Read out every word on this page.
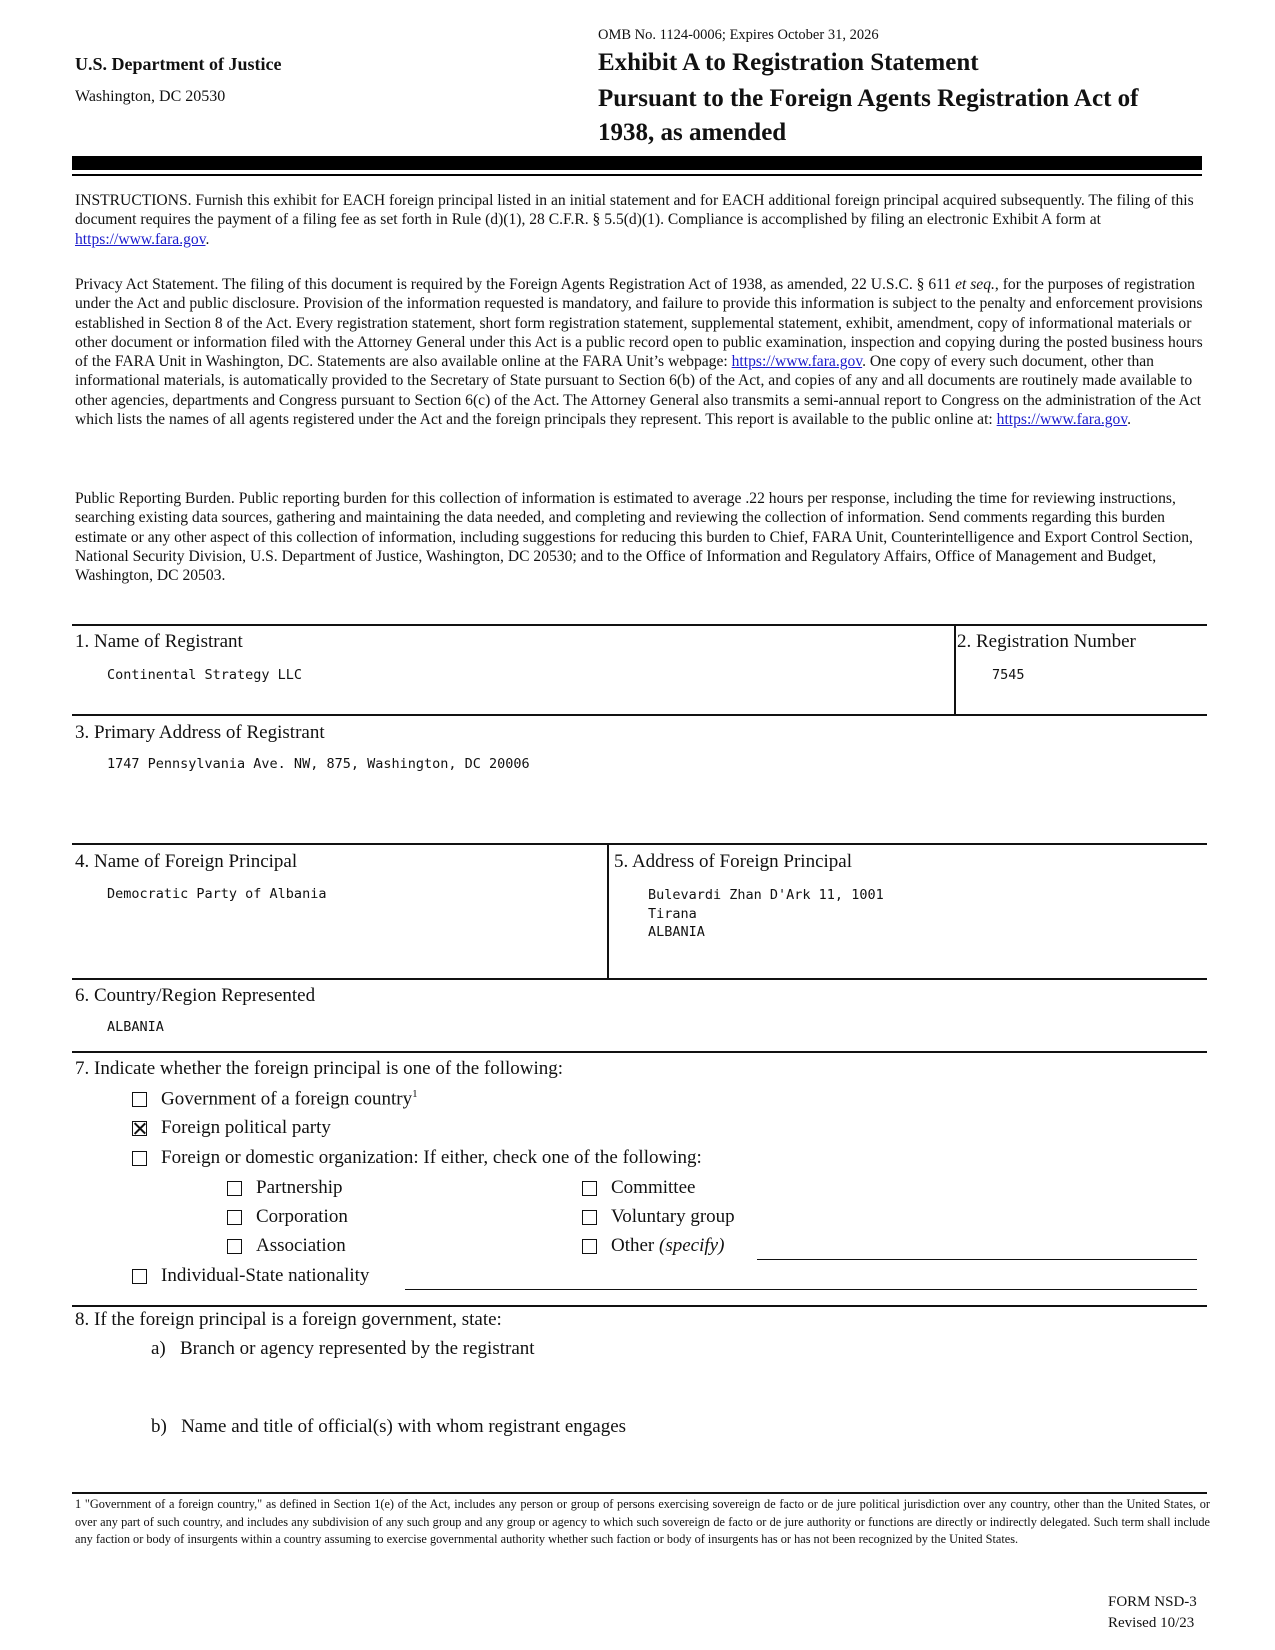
U.S. Department of Justice
Washington, DC 20530
OMB No. 1124-0006; Expires October 31, 2026
Exhibit A to Registration Statement
Pursuant to the Foreign Agents Registration Act of
1938, as amended
INSTRUCTIONS. Furnish this exhibit for EACH foreign principal listed in an initial statement and for EACH additional foreign principal acquired subsequently. The filing of this document requires the payment of a filing fee as set forth in Rule (d)(1), 28 C.F.R. § 5.5(d)(1). Compliance is accomplished by filing an electronic Exhibit A form at https://www.fara.gov.
Privacy Act Statement. The filing of this document is required by the Foreign Agents Registration Act of 1938, as amended, 22 U.S.C. § 611 et seq., for the purposes of registration under the Act and public disclosure. Provision of the information requested is mandatory, and failure to provide this information is subject to the penalty and enforcement provisions established in Section 8 of the Act. Every registration statement, short form registration statement, supplemental statement, exhibit, amendment, copy of informational materials or other document or information filed with the Attorney General under this Act is a public record open to public examination, inspection and copying during the posted business hours of the FARA Unit in Washington, DC. Statements are also available online at the FARA Unit’s webpage: https://www.fara.gov. One copy of every such document, other than informational materials, is automatically provided to the Secretary of State pursuant to Section 6(b) of the Act, and copies of any and all documents are routinely made available to other agencies, departments and Congress pursuant to Section 6(c) of the Act. The Attorney General also transmits a semi-annual report to Congress on the administration of the Act which lists the names of all agents registered under the Act and the foreign principals they represent. This report is available to the public online at: https://www.fara.gov.
Public Reporting Burden. Public reporting burden for this collection of information is estimated to average .22 hours per response, including the time for reviewing instructions, searching existing data sources, gathering and maintaining the data needed, and completing and reviewing the collection of information. Send comments regarding this burden estimate or any other aspect of this collection of information, including suggestions for reducing this burden to Chief, FARA Unit, Counterintelligence and Export Control Section, National Security Division, U.S. Department of Justice, Washington, DC 20530; and to the Office of Information and Regulatory Affairs, Office of Management and Budget, Washington, DC 20503.
1. Name of Registrant
Continental Strategy LLC
2. Registration Number
7545
3. Primary Address of Registrant
1747 Pennsylvania Ave. NW, 875, Washington, DC 20006
4. Name of Foreign Principal
Democratic Party of Albania
5. Address of Foreign Principal
Bulevardi Zhan D'Ark 11, 1001
Tirana
ALBANIA
6. Country/Region Represented
ALBANIA
7. Indicate whether the foreign principal is one of the following:
Government of a foreign country$^1$
Foreign political party
Foreign or domestic organization: If either, check one of the following:
Partnership
Corporation
Association
Committee
Voluntary group
Other (specify)
Individual-State nationality
8. If the foreign principal is a foreign government, state:
a)   Branch or agency represented by the registrant
b)   Name and title of official(s) with whom registrant engages
1 "Government of a foreign country," as defined in Section 1(e) of the Act, includes any person or group of persons exercising sovereign de facto or de jure political jurisdiction over any country, other than the United States, or over any part of such country, and includes any subdivision of any such group and any group or agency to which such sovereign de facto or de jure authority or functions are directly or indirectly delegated. Such term shall include any faction or body of insurgents within a country assuming to exercise governmental authority whether such faction or body of insurgents has or has not been recognized by the United States.
FORM NSD-3
Revised 10/23
